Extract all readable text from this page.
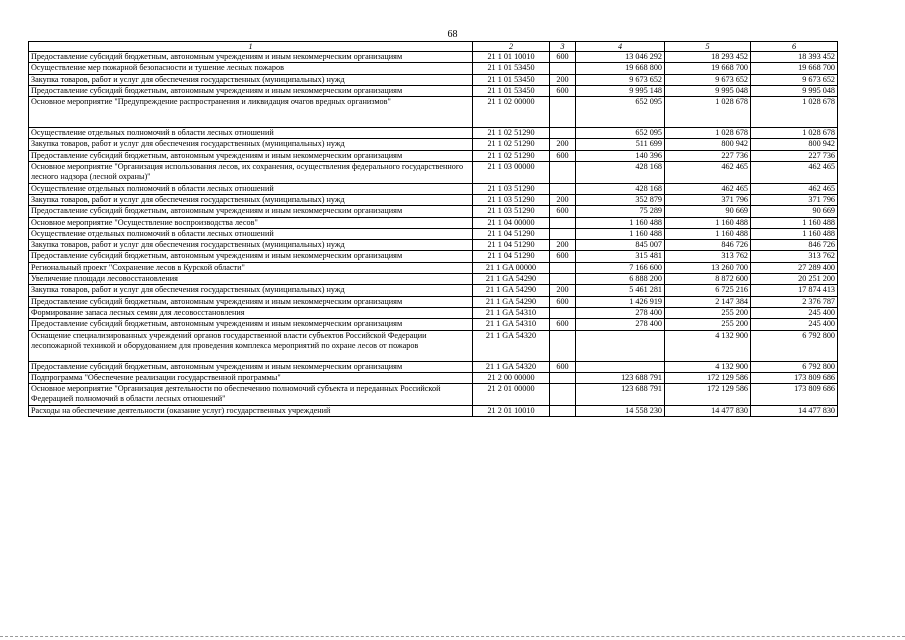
68
1	2	3	4	5	6
Предоставление субсидий бюджетным, автономным учреждениям и иным некоммерческим организациям	21 1 01 10010	600	13 046 292	18 293 452	18 393 452
Осуществление мер пожарной безопасности и тушение лесных пожаров	21 1 01 53450		19 668 800	19 668 700	19 668 700
Закупка товаров, работ и услуг для обеспечения государственных (муниципальных) нужд	21 1 01 53450	200	9 673 652	9 673 652	9 673 652
Предоставление субсидий бюджетным, автономным учреждениям и иным некоммерческим организациям	21 1 01 53450	600	9 995 148	9 995 048	9 995 048
Основное мероприятие "Предупреждение распространения и ликвидация очагов вредных организмов"	21 1 02 00000		652 095	1 028 678	1 028 678
Осуществление отдельных полномочий в области лесных отношений	21 1 02 51290		652 095	1 028 678	1 028 678
Закупка товаров, работ и услуг для обеспечения государственных (муниципальных) нужд	21 1 02 51290	200	511 699	800 942	800 942
Предоставление субсидий бюджетным, автономным учреждениям и иным некоммерческим организациям	21 1 02 51290	600	140 396	227 736	227 736
Основное мероприятие "Организация использования лесов, их сохранения, осуществления федерального государственного лесного надзора (лесной охраны)"	21 1 03 00000		428 168	462 465	462 465
Осуществление отдельных полномочий в области лесных отношений	21 1 03 51290		428 168	462 465	462 465
Закупка товаров, работ и услуг для обеспечения государственных (муниципальных) нужд	21 1 03 51290	200	352 879	371 796	371 796
Предоставление субсидий бюджетным, автономным учреждениям и иным некоммерческим организациям	21 1 03 51290	600	75 289	90 669	90 669
Основное мероприятие "Осуществление воспроизводства лесов"	21 1 04 00000		1 160 488	1 160 488	1 160 488
Осуществление отдельных полномочий в области лесных отношений	21 1 04 51290		1 160 488	1 160 488	1 160 488
Закупка товаров, работ и услуг для обеспечения государственных (муниципальных) нужд	21 1 04 51290	200	845 007	846 726	846 726
Предоставление субсидий бюджетным, автономным учреждениям и иным некоммерческим организациям	21 1 04 51290	600	315 481	313 762	313 762
Региональный проект "Сохранение лесов в Курской области"	21 1 GA 00000		7 166 600	13 260 700	27 289 400
Увеличение площади лесовосстановления	21 1 GA 54290		6 888 200	8 872 600	20 251 200
Закупка товаров, работ и услуг для обеспечения государственных (муниципальных) нужд	21 1 GA 54290	200	5 461 281	6 725 216	17 874 413
Предоставление субсидий бюджетным, автономным учреждениям и иным некоммерческим организациям	21 1 GA 54290	600	1 426 919	2 147 384	2 376 787
Формирование запаса лесных семян для лесовосстановления	21 1 GA 54310		278 400	255 200	245 400
Предоставление субсидий бюджетным, автономным учреждениям и иным некоммерческим организациям	21 1 GA 54310	600	278 400	255 200	245 400
Оснащение специализированных учреждений органов государственной власти субъектов Российской Федерации лесопожарной техникой и оборудованием для проведения комплекса мероприятий по охране лесов от пожаров	21 1 GA 54320			4 132 900	6 792 800
Предоставление субсидий бюджетным, автономным учреждениям и иным некоммерческим организациям	21 1 GA 54320	600		4 132 900	6 792 800
Подпрограмма "Обеспечение реализации государственной программы"	21 2 00 00000		123 688 791	172 129 586	173 809 686
Основное мероприятие "Организация деятельности по обеспечению полномочий субъекта и переданных Российской Федерацией полномочий в области лесных отношений"	21 2 01 00000		123 688 791	172 129 586	173 809 686
Расходы на обеспечение деятельности (оказание услуг) государственных учреждений	21 2 01 10010		14 558 230	14 477 830	14 477 830
